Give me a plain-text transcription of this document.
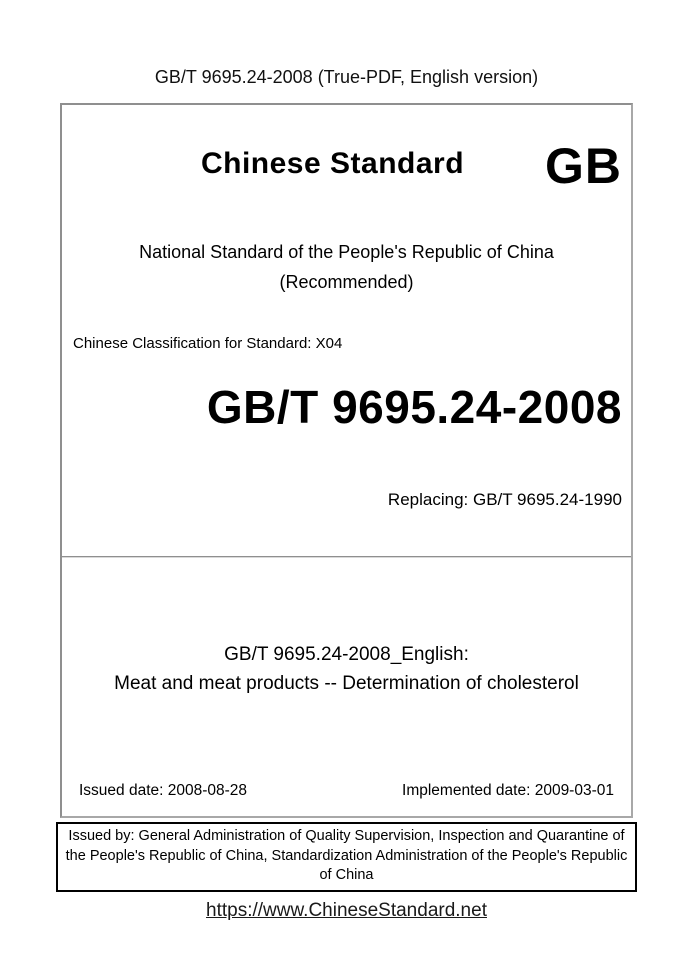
GB/T 9695.24-2008 (True-PDF, English version)
Chinese Standard	GB
National Standard of the People's Republic of China
(Recommended)
Chinese Classification for Standard: X04
GB/T 9695.24-2008
Replacing: GB/T 9695.24-1990
GB/T 9695.24-2008_English:
Meat and meat products -- Determination of cholesterol
Issued date: 2008-08-28	Implemented date: 2009-03-01
Issued by: General Administration of Quality Supervision, Inspection and Quarantine of the People's Republic of China, Standardization Administration of the People's Republic of China
https://www.ChineseStandard.net
